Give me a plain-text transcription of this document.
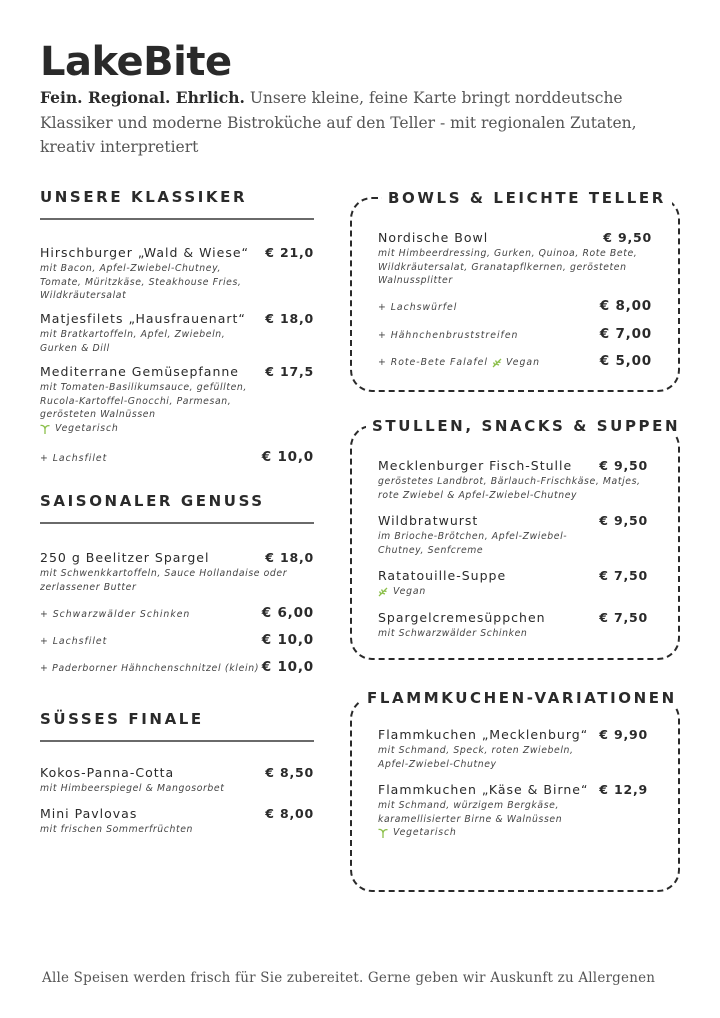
LakeBite
Fein. Regional. Ehrlich. Unsere kleine, feine Karte bringt norddeutsche Klassiker und moderne Bistroküche auf den Teller - mit regionalen Zutaten, kreativ interpretiert
UNSERE KLASSIKER
Hirschburger „Wald & Wiese“ € 21,0
mit Bacon, Apfel-Zwiebel-Chutney, Tomate, Müritzkäse, Steakhouse Fries, Wildkräutersalat
Matjesfilets „Hausfrauenart“ € 18,0
mit Bratkartoffeln, Apfel, Zwiebeln, Gurken & Dill
Mediterrane Gemüsepfanne € 17,5
mit Tomaten-Basilikumsauce, gefüllten, Rucola-Kartoffel-Gnocchi, Parmesan, gerösteten Walnüssen
Vegetarisch
+ Lachsfilet	€ 10,0
SAISONALER GENUSS
250 g Beelitzer Spargel	€ 18,0
mit Schwenkkartoffeln, Sauce Hollandaise oder zerlassener Butter
+ Schwarzwälder Schinken	€ 6,00
+ Lachsfilet	€ 10,0
+ Paderborner Hähnchenschnitzel (klein) € 10,0
SÜSSES FINALE
Kokos-Panna-Cotta	€ 8,50
mit Himbeerspiegel & Mangosorbet
Mini Pavlovas	€ 8,00
mit frischen Sommerfrüchten
BOWLS & LEICHTE TELLER
Nordische Bowl	€ 9,50
mit Himbeerdressing, Gurken, Quinoa, Rote Bete, Wildkräutersalat, Granatapflkernen, gerösteten Walnussplitter
+ Lachswürfel	€ 8,00
+ Hähnchenbruststreifen	€ 7,00
+ Rote-Bete Falafel Vegan	€ 5,00
STULLEN, SNACKS & SUPPEN
Mecklenburger Fisch-Stulle € 9,50
geröstetes Landbrot, Bärlauch-Frischkäse, Matjes, rote Zwiebel & Apfel-Zwiebel-Chutney
Wildbratwurst	€ 9,50
im Brioche-Brötchen, Apfel-Zwiebel-Chutney, Senfcreme
Ratatouille-Suppe	€ 7,50
Vegan
Spargelcremesüppchen	€ 7,50
mit Schwarzwälder Schinken
FLAMMKUCHEN-VARIATIONEN
Flammkuchen „Mecklenburg“ € 9,90
mit Schmand, Speck, roten Zwiebeln, Apfel-Zwiebel-Chutney
Flammkuchen „Käse & Birne“ € 12,9
mit Schmand, würzigem Bergkäse, karamellisierter Birne & Walnüssen
Vegetarisch
Alle Speisen werden frisch für Sie zubereitet. Gerne geben wir Auskunft zu Allergenen
